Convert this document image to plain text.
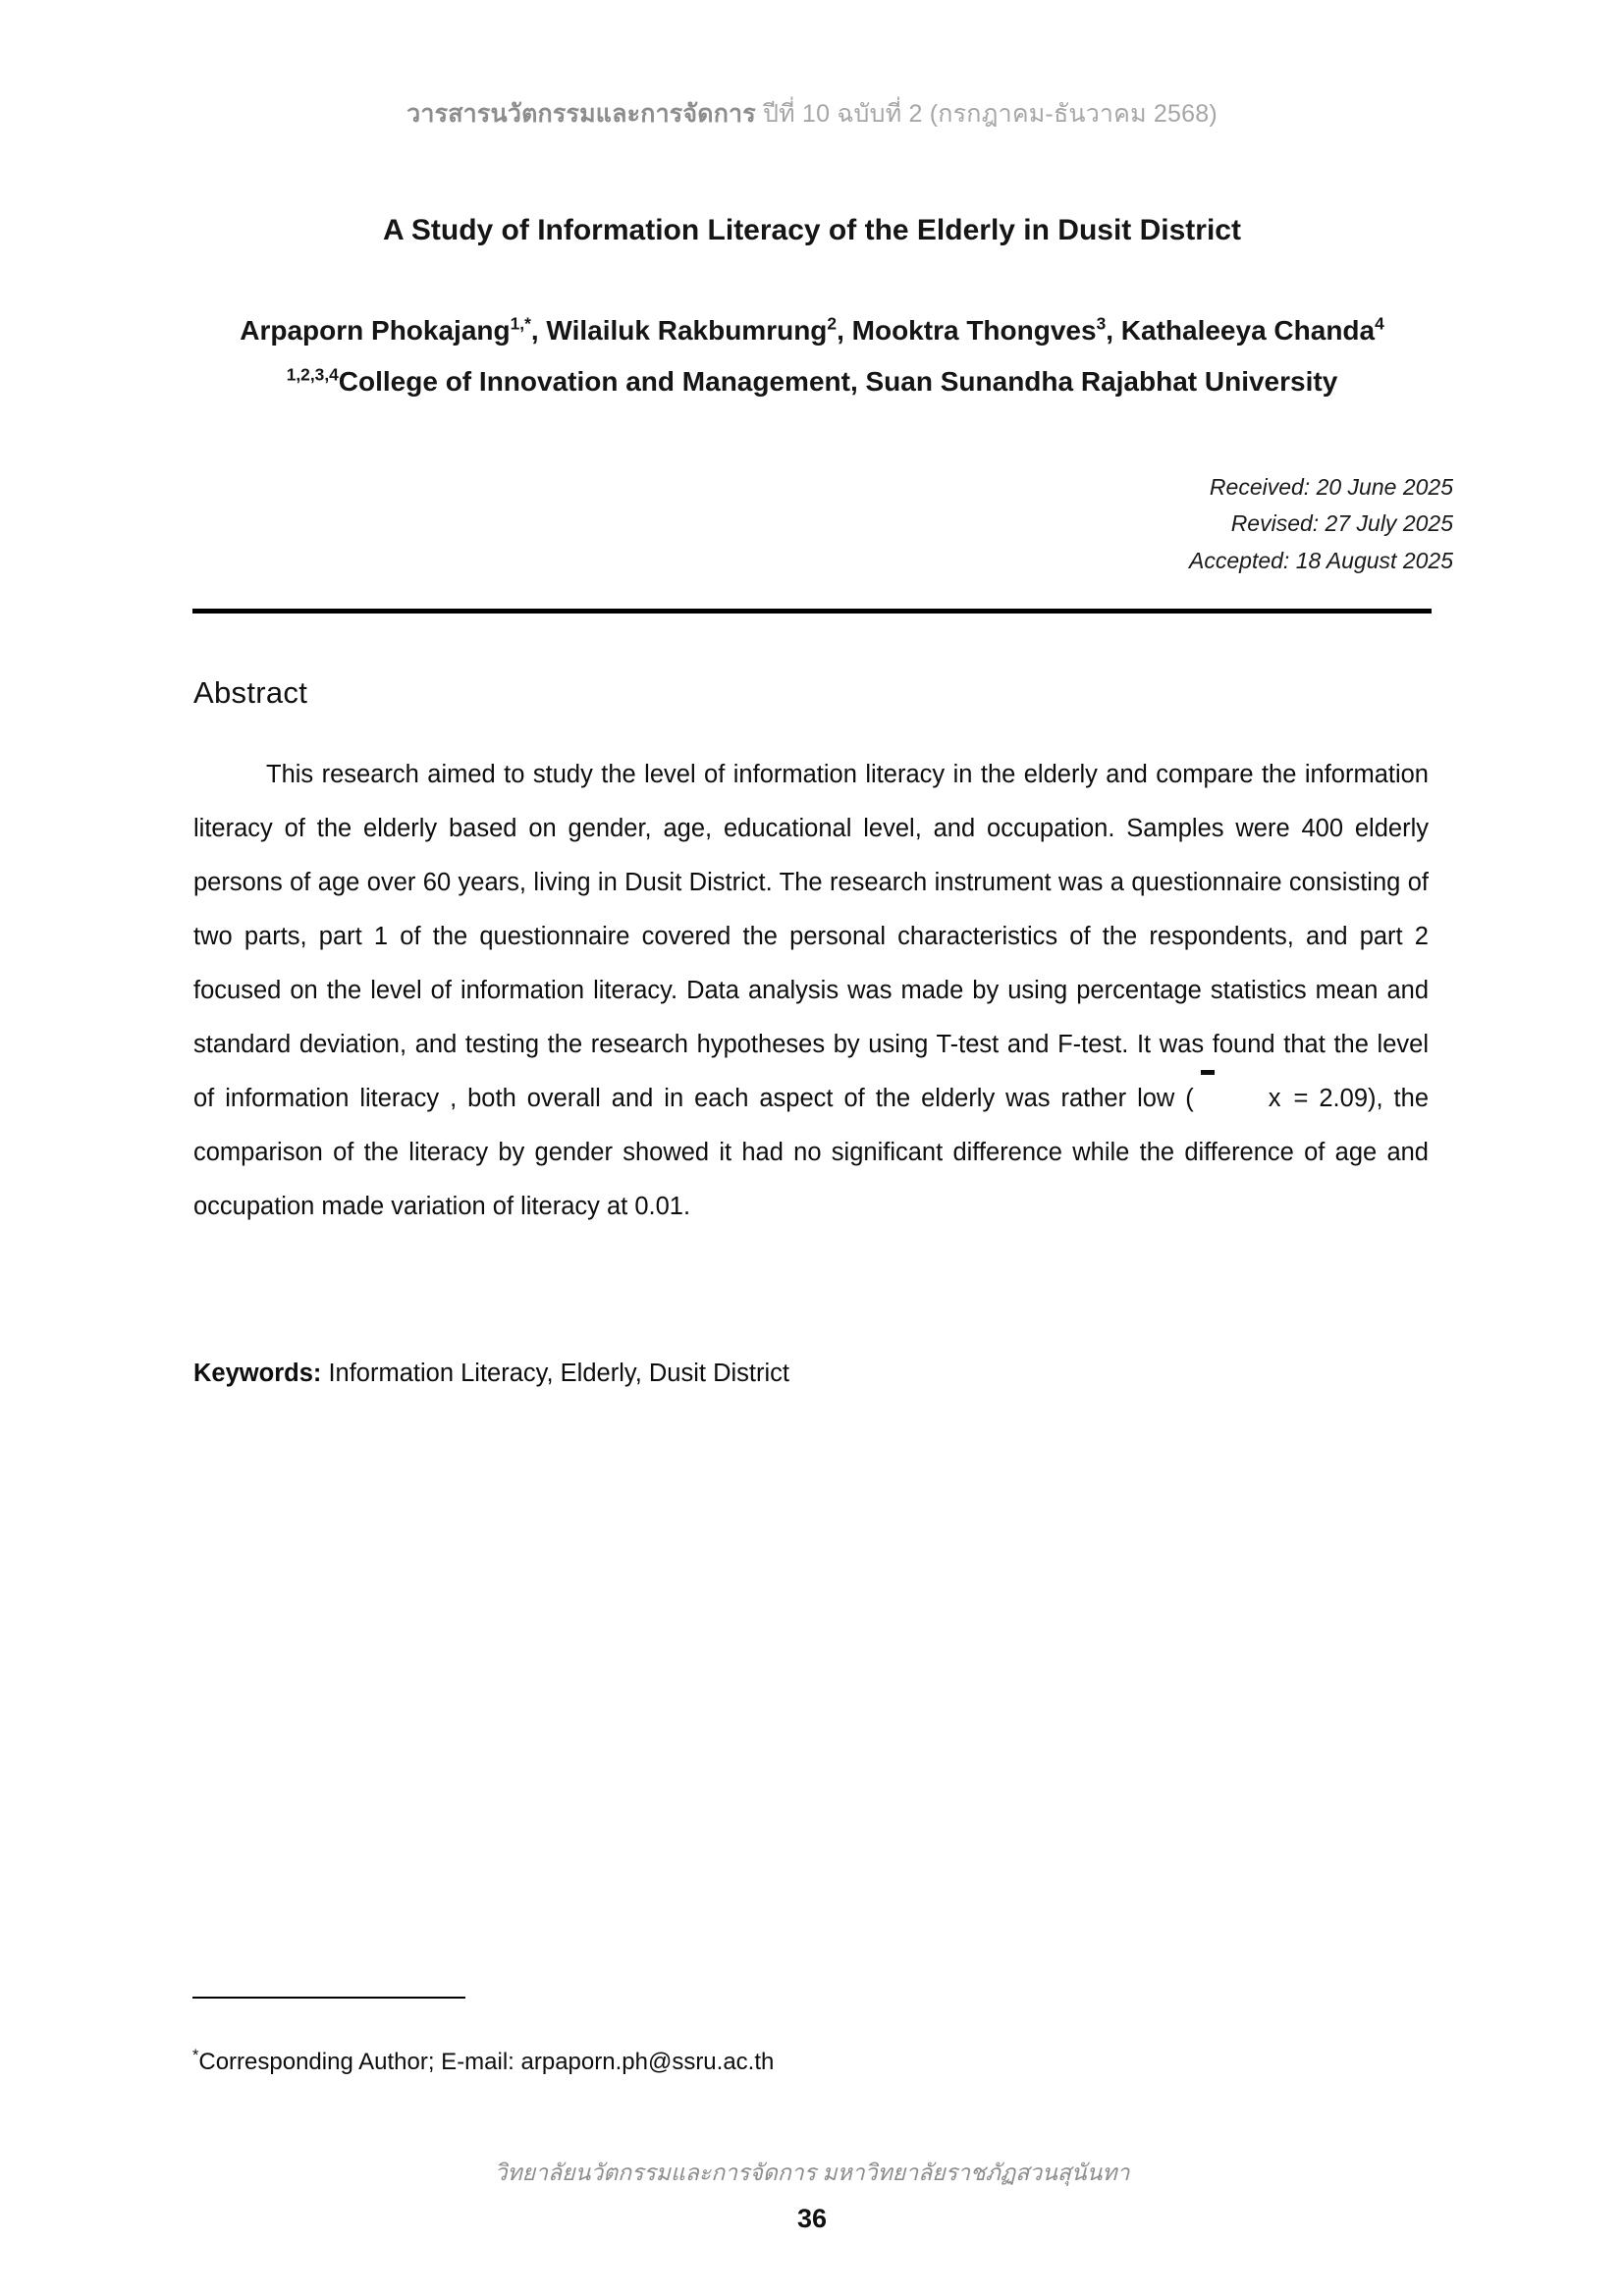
วารสารนวัตกรรมและการจัดการ ปีที่ 10 ฉบับที่ 2 (กรกฎาคม-ธันวาคม 2568)
A Study of Information Literacy of the Elderly in Dusit District
Arpaporn Phokajang$^{1,*}$, Wilailuk Rakbumrung$^2$, Mooktra Thongves$^3$, Kathaleeya Chanda$^4$
$^{1,2,3,4}$College of Innovation and Management, Suan Sunandha Rajabhat University
Received: 20 June 2025
Revised: 27 July 2025
Accepted: 18 August 2025
Abstract

This research aimed to study the level of information literacy in the elderly and compare the information literacy of the elderly based on gender, age, educational level, and occupation. Samples were 400 elderly persons of age over 60 years, living in Dusit District. The research instrument was a questionnaire consisting of two parts, part 1 of the questionnaire covered the personal characteristics of the respondents, and part 2 focused on the level of information literacy. Data analysis was made by using percentage statistics mean and standard deviation, and testing the research hypotheses by using T-test and F-test. It was found that the level of information literacy , both overall and in each aspect of the elderly was rather low (	x = 2.09), the comparison of the literacy by gender showed it had no significant difference while the difference of age and occupation made variation of literacy at 0.01.

Keywords: Information Literacy, Elderly, Dusit District
*Corresponding Author; E-mail: arpaporn.ph@ssru.ac.th
วิทยาลัยนวัตกรรมและการจัดการ มหาวิทยาลัยราชภัฏสวนสุนันทา
36
